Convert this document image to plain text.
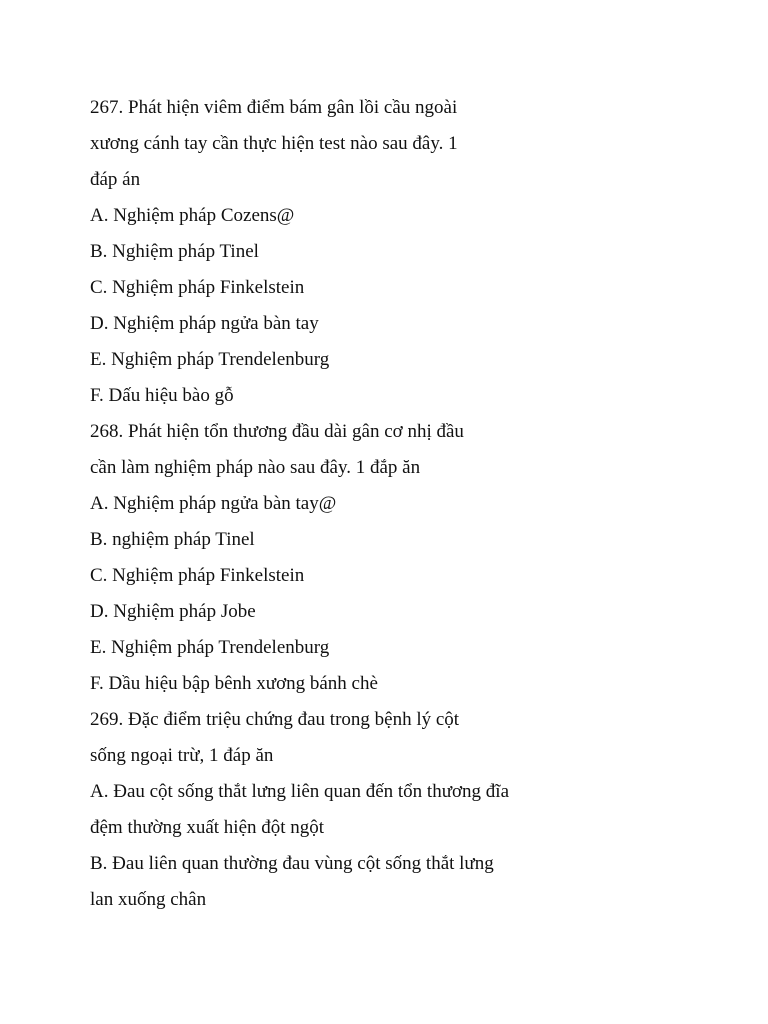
267. Phát hiện viêm điểm bám gân lồi cầu ngoài
xương cánh tay cần thực hiện test nào sau đây. 1
đáp án
A. Nghiệm pháp Cozens@
B. Nghiệm pháp Tinel
C. Nghiệm pháp Finkelstein
D. Nghiệm pháp ngửa bàn tay
E. Nghiệm pháp Trendelenburg
F. Dấu hiệu bào gỗ
268. Phát hiện tổn thương đầu dài gân cơ nhị đầu
cần làm nghiệm pháp nào sau đây. 1 đắp ăn
A. Nghiệm pháp ngửa bàn tay@
B. nghiệm pháp Tinel
C. Nghiệm pháp Finkelstein
D. Nghiệm pháp Jobe
E. Nghiệm pháp Trendelenburg
F. Dầu hiệu bập bênh xương bánh chè
269. Đặc điểm triệu chứng đau trong bệnh lý cột
sống ngoại trừ, 1 đáp ăn
A. Đau cột sống thắt lưng liên quan đến tổn thương đĩa
đệm thường xuất hiện đột ngột
B. Đau liên quan thường đau vùng cột sống thắt lưng
lan xuống chân
